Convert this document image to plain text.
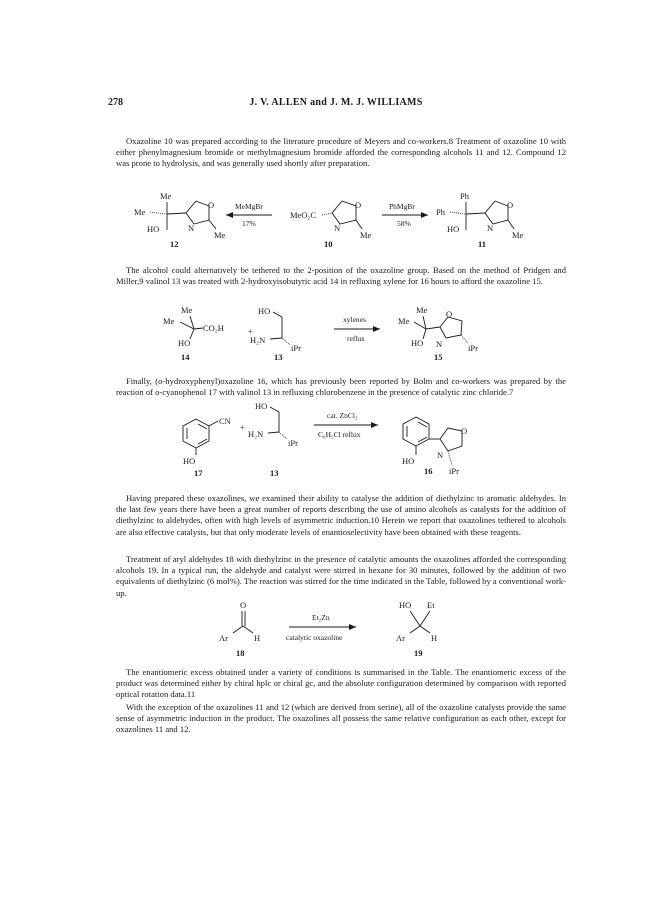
278	J. V. ALLEN and J. M. J. WILLIAMS

Oxazoline 10 was prepared according to the literature procedure of Meyers and co-workers.8 Treatment of oxazoline 10 with either phenylmagnesium bromide or methylmagnesium bromide afforded the corresponding alcohols 11 and 12. Compound 12 was prone to hydrolysis, and was generally used shortly after preparation.

The alcohol could alternatively be tethered to the 2-position of the oxazoline group. Based on the method of Pridgen and Miller,9 valinol 13 was treated with 2-hydroxyisobutyric acid 14 in refluxing xylene for 16 hours to afford the oxazoline 15.

Finally, (o-hydroxyphenyl)oxazoline 16, which has previously been reported by Bolm and co-workers was prepared by the reaction of o-cyanophenol 17 with valinol 13 in refluxing chlorobenzene in the presence of catalytic zinc chloride.7

Having prepared these oxazolines, we examined their ability to catalyse the addition of diethylzinc to aromatic aldehydes. In the last few years there have been a great number of reports describing the use of amino alcohols as catalysts for the addition of diethylzinc to aldehydes, often with high levels of asymmetric induction.10 Herein we report that oxazolines tethered to alcohols are also effective catalysts, but that only moderate levels of enantioselectivity have been obtained with these reagents.

Treatment of aryl aldehydes 18 with diethylzinc in the presence of catalytic amounts the oxazolines afforded the corresponding alcohols 19. In a typical run, the aldehyde and catalyst were stirred in hexane for 30 minutes, followed by the addition of two equivalents of diethylzinc (6 mol%). The reaction was stirred for the time indicated in the Table, followed by a conventional work-up.

The enantiomeric excess obtained under a variety of conditions is summarised in the Table. The enantiomeric excess of the product was determined either by chiral hplc or chiral gc, and the absolute configuration determined by comparison with reported optical rotation data.11

With the exception of the oxazolines 11 and 12 (which are derived from serine), all of the oxazoline catalysts provide the same sense of asymmetric induction in the product. The oxazolines all possess the same relative configuration as each other, except for oxazolines 11 and 12.

Me
Me
HO
O
N
Me
12
MeMgBr
17%
MeO₂C
O
N
Me
10
PhMgBr
58%
Ph
Ph
HO
O
N
Me
11
Me
Me
CO₂H
HO
14
+
HO
iPr
H₂N
13
xylenes
reflux
Me
Me
HO
O
N	iPr
15
CN
HO
17
+
HO
iPr
H₂N
13
cat. ZnCl₂
C₆H₅Cl reflux	O
N
iPr
HO
16
O
Ar	H
18
Et₂Zn
catalytic oxazoline
HO Et
Ar	H
19
